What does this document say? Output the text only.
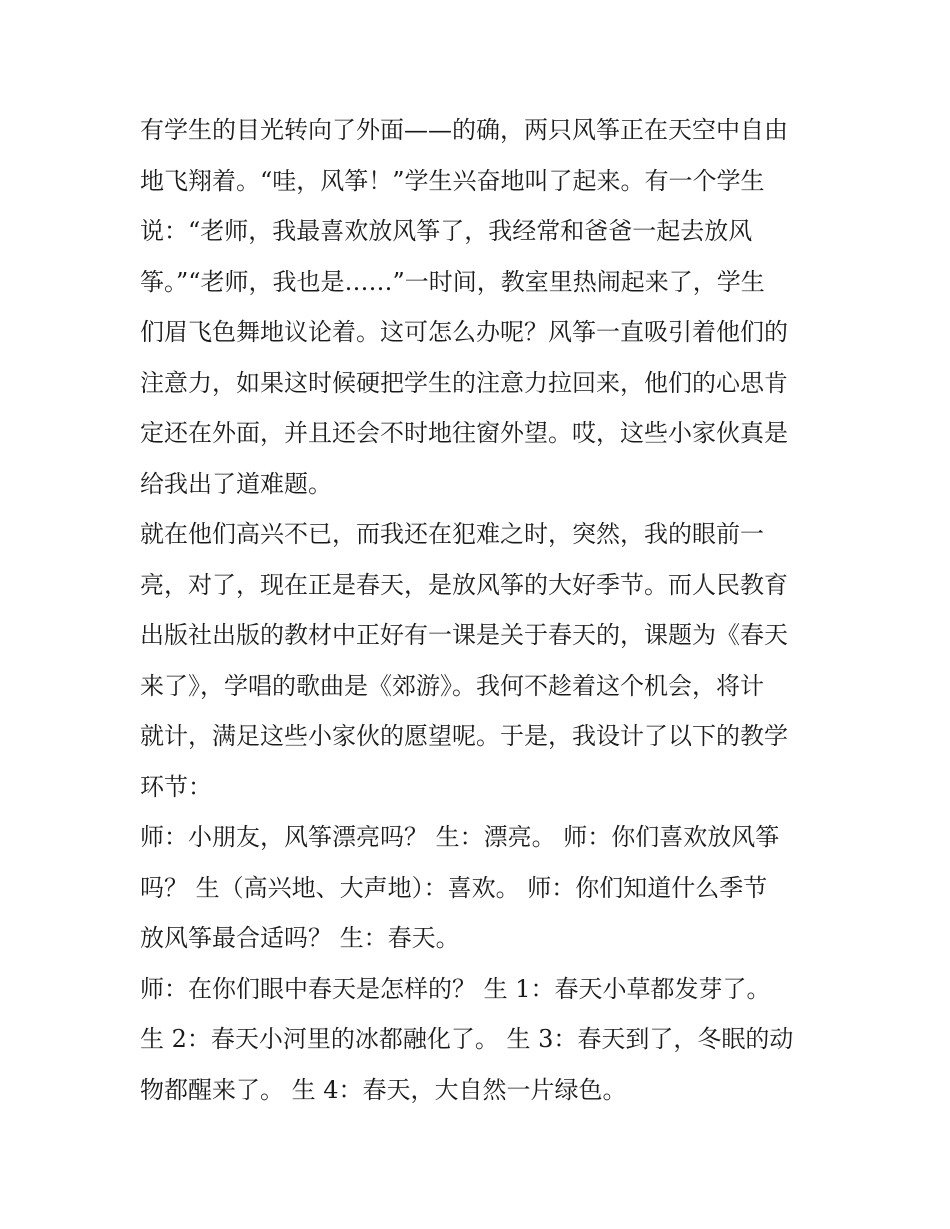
有学生的目光转向了外面——的确，两只风筝正在天空中自由
地飞翔着。“哇，风筝！”学生兴奋地叫了起来。有一个学生
说：“老师，我最喜欢放风筝了，我经常和爸爸一起去放风
筝。”“老师，我也是……”一时间，教室里热闹起来了，学生
们眉飞色舞地议论着。这可怎么办呢？风筝一直吸引着他们的
注意力，如果这时候硬把学生的注意力拉回来，他们的心思肯
定还在外面，并且还会不时地往窗外望。哎，这些小家伙真是
给我出了道难题。
就在他们高兴不已，而我还在犯难之时，突然，我的眼前一
亮，对了，现在正是春天，是放风筝的大好季节。而人民教育
出版社出版的教材中正好有一课是关于春天的，课题为《春天
来了》，学唱的歌曲是《郊游》。我何不趁着这个机会，将计
就计，满足这些小家伙的愿望呢。于是，我设计了以下的教学
环节：
师：小朋友，风筝漂亮吗？ 生：漂亮。 师：你们喜欢放风筝
吗？ 生（高兴地、大声地）：喜欢。 师：你们知道什么季节
放风筝最合适吗？ 生：春天。
师：在你们眼中春天是怎样的？ 生 1：春天小草都发芽了。
生 2：春天小河里的冰都融化了。 生 3：春天到了，冬眠的动
物都醒来了。 生 4：春天，大自然一片绿色。
